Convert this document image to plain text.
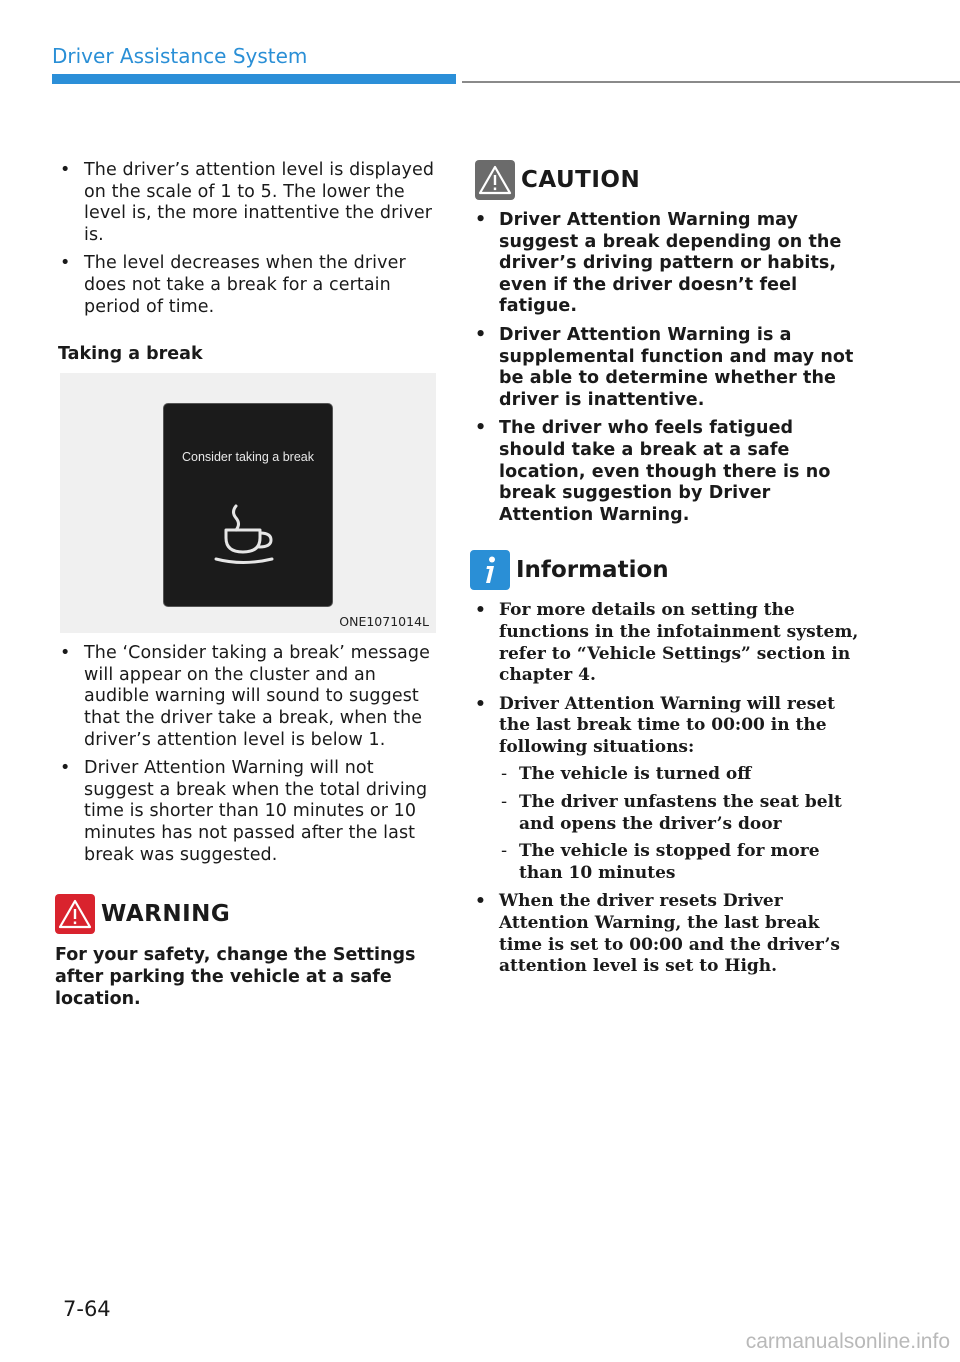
Driver Assistance System
• The driver’s attention level is displayed on the scale of 1 to 5. The lower the level is, the more inattentive the driver is.
• The level decreases when the driver does not take a break for a certain period of time.
Taking a break
Consider taking a break
ONE1071014L
• The ‘Consider taking a break’ message will appear on the cluster and an audible warning will sound to suggest that the driver take a break, when the driver’s attention level is below 1.
• Driver Attention Warning will not suggest a break when the total driving time is shorter than 10 minutes or 10 minutes has not passed after the last break was suggested.
WARNING
For your safety, change the Settings after parking the vehicle at a safe location.
CAUTION
• Driver Attention Warning may suggest a break depending on the driver’s driving pattern or habits, even if the driver doesn’t feel fatigue.
• Driver Attention Warning is a supplemental function and may not be able to determine whether the driver is inattentive.
• The driver who feels fatigued should take a break at a safe location, even though there is no break suggestion by Driver Attention Warning.
Information
• For more details on setting the functions in the infotainment system, refer to “Vehicle Settings” section in chapter 4.
• Driver Attention Warning will reset the last break time to 00:00 in the following situations:
- The vehicle is turned off
- The driver unfastens the seat belt and opens the driver’s door
- The vehicle is stopped for more than 10 minutes
• When the driver resets Driver Attention Warning, the last break time is set to 00:00 and the driver’s attention level is set to High.
7-64
carmanualsonline.info
